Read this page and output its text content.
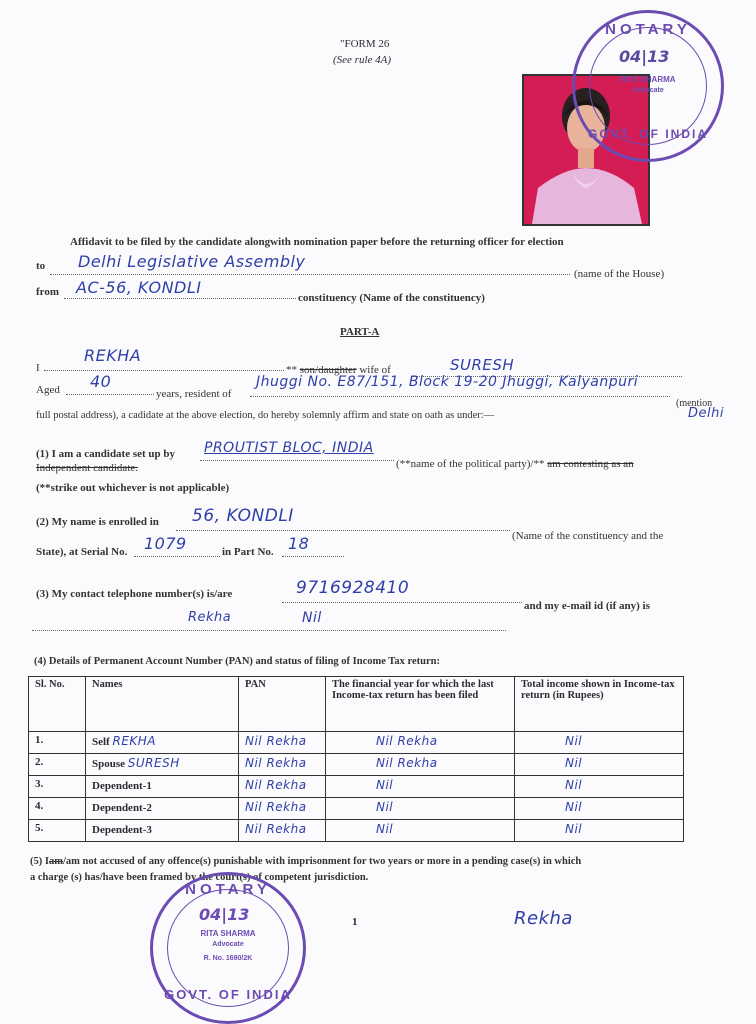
"FORM 26
(See rule 4A)
NOTARY
04|13
RITA SHARMA
Advocate
GOVT. OF INDIA
Affidavit to be filed by the candidate alongwith nomination paper before the returning officer for election
to Delhi Legislative Assembly
(name of the House)
from AC-56, KONDLI
constituency (Name of the constituency)
PART-A
I
REKHA
** son/daughter wife of	SURESH
Aged 40
years, resident of
Jhuggi No. E87/151, Block 19-20 Jhuggi, Kalyanpuri
(mention
Delhi
full postal address), a cadidate at the above election, do hereby solemnly affirm and state on oath as under:—
(1) I am a candidate set up by PROUTIST BLOC, INDIA
(**name of the political party)/** am contesting as an
Independent candidate.
(**strike out whichever is not applicable)
(2) My name is enrolled in 56, KONDLI
(Name of the constituency and the
State), at Serial No. 1079	in Part No. 18
(3) My contact telephone number(s) is/are	9716928410
and my e-mail id (if any) is
Rekha	Nil
(4) Details of Permanent Account Number (PAN) and status of filing of Income Tax return:
Sl. No.	Names	PAN	The financial year for which the last Income-tax return has been filed	Total income shown in Income-tax return (in Rupees)
1.	Self REKHA	Nil Rekha	Nil Rekha	Nil
2.	Spouse SURESH	Nil Rekha	Nil Rekha	Nil
3.	Dependent-1	Nil Rekha	Nil	Nil
4.	Dependent-2	Nil Rekha	Nil	Nil
5.	Dependent-3	Nil Rekha	Nil	Nil
(5) Iam/am not accused of any offence(s) punishable with imprisonment for two years or more in a pending case(s) in which
a charge (s) has/have been framed by the court(s) of competent jurisdiction.
NOTARY
04|13
RITA SHARMA
Advocate
R. No. 1690/2K
GOVT. OF INDIA
1	Rekha
